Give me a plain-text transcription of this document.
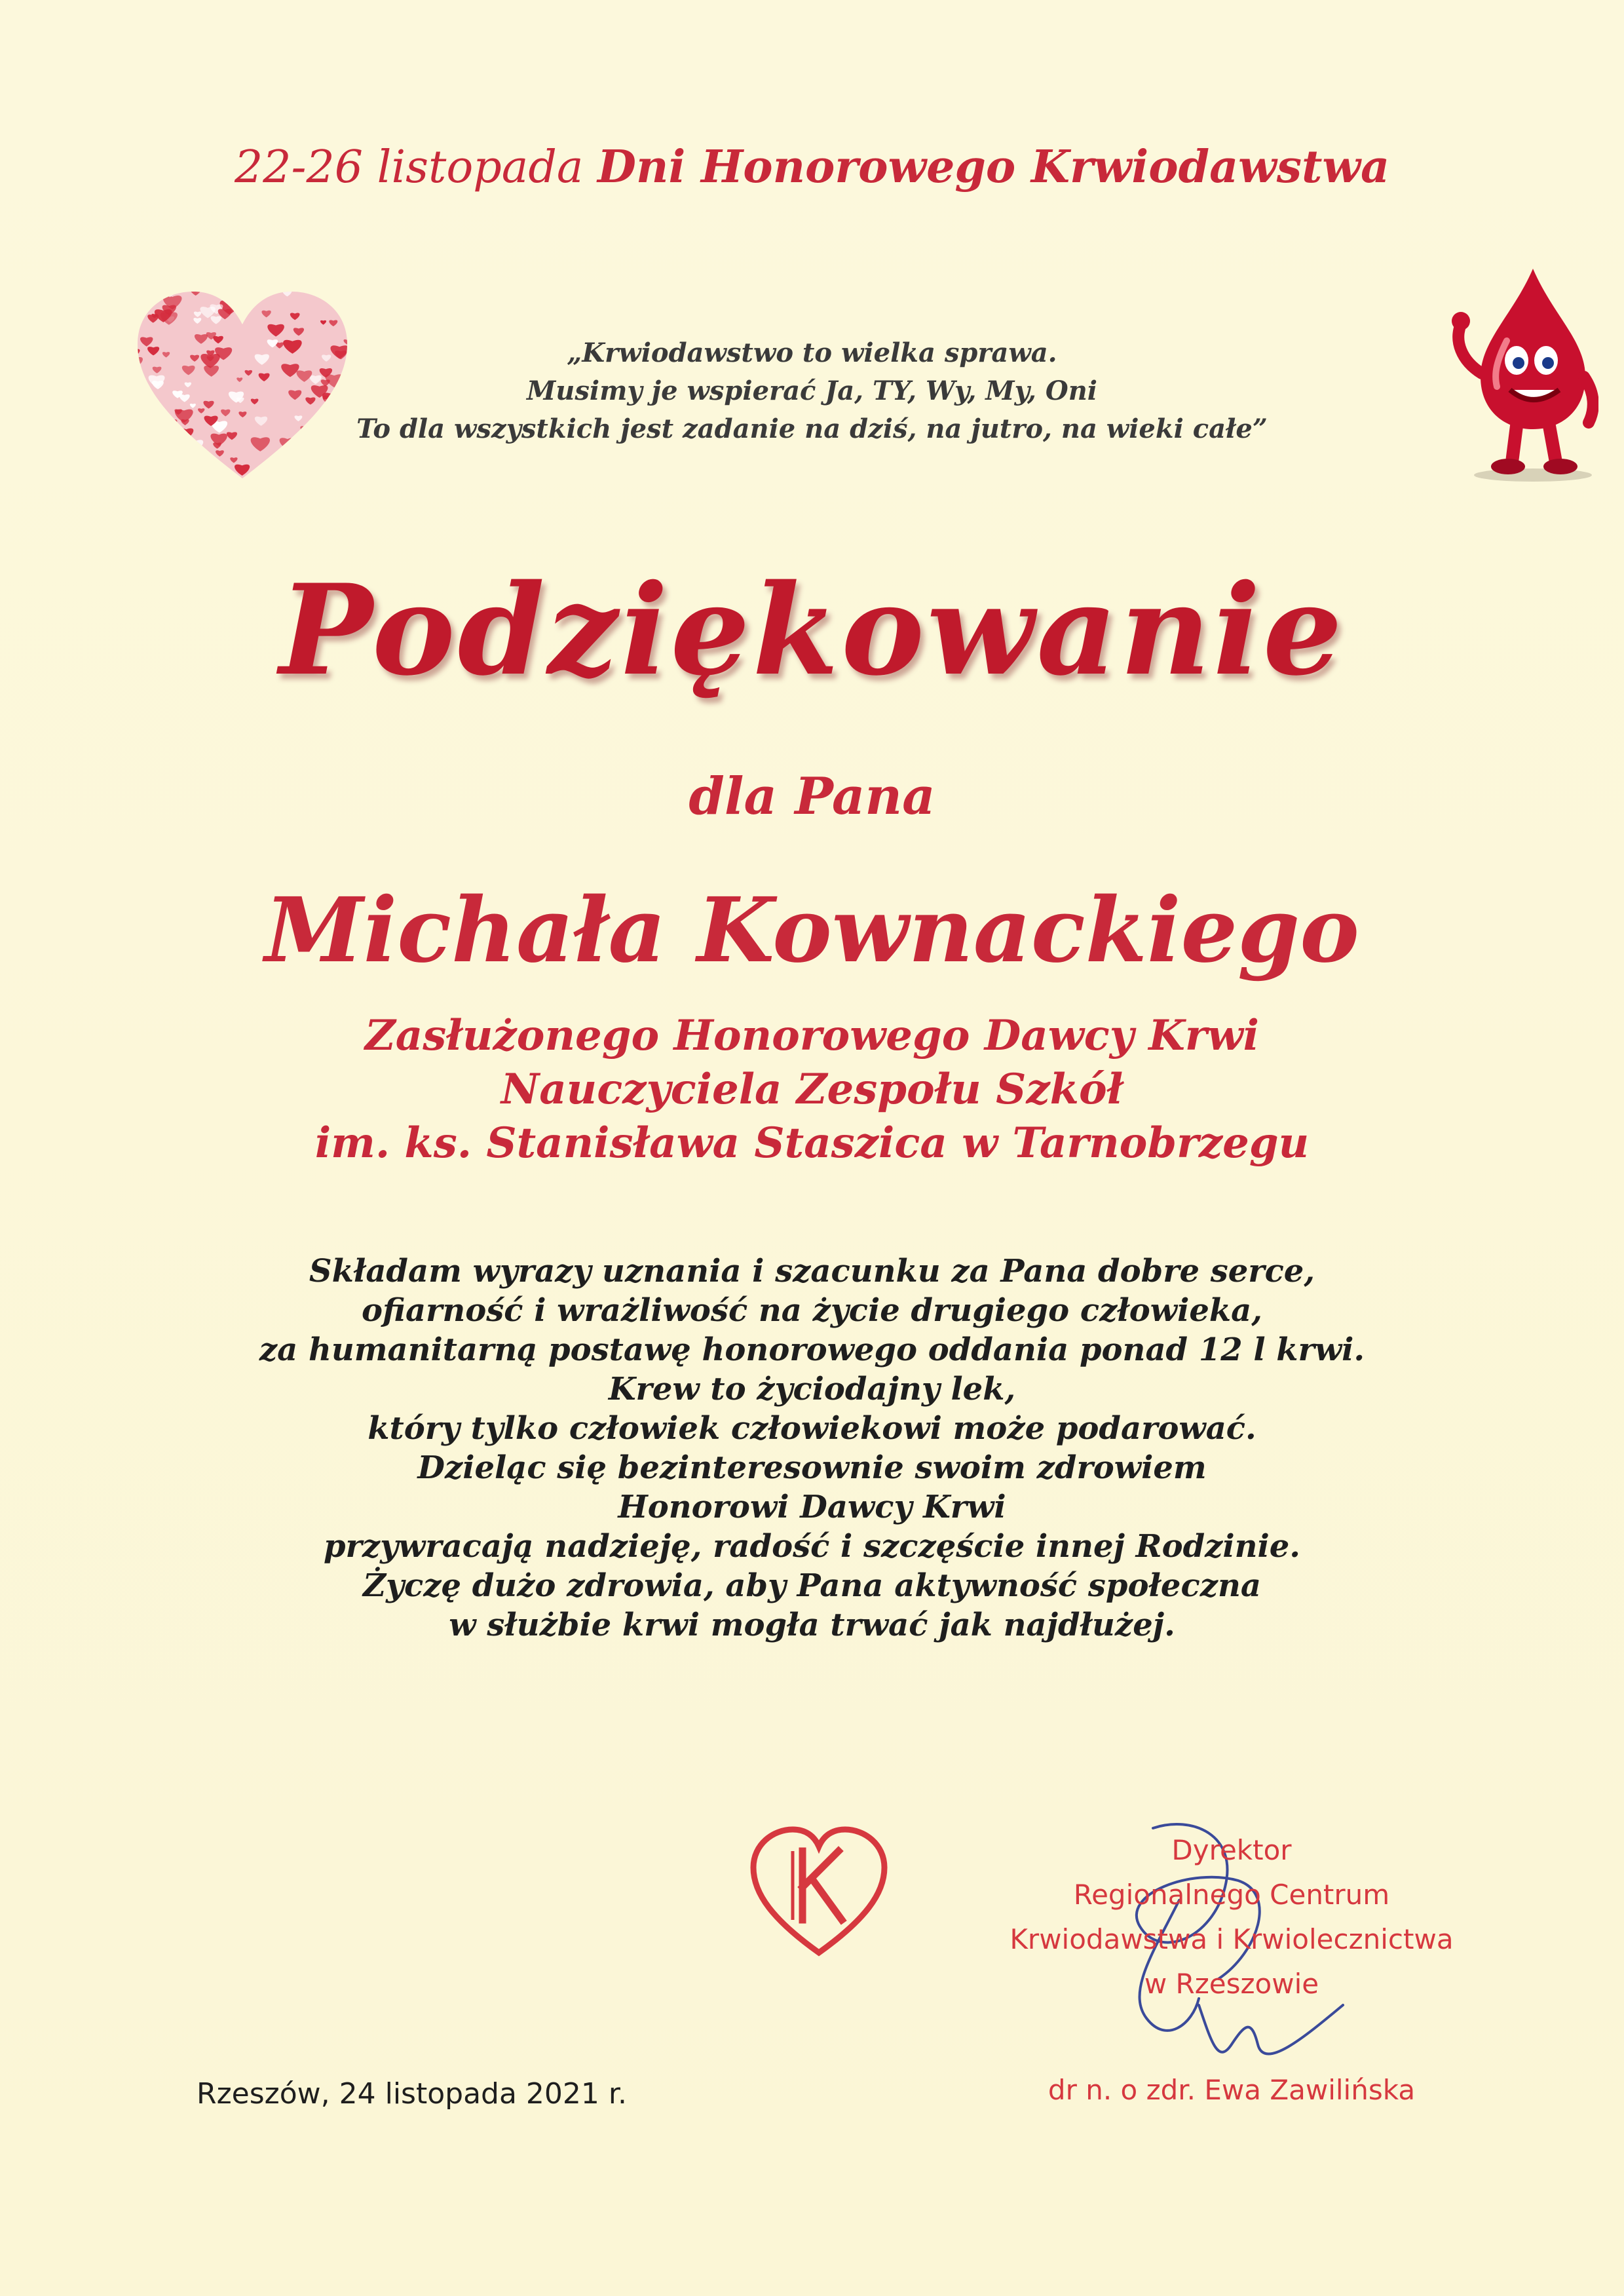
22-26 listopada Dni Honorowego Krwiodawstwa
„Krwiodawstwo to wielka sprawa.
Musimy je wspierać Ja, TY, Wy, My, Oni
To dla wszystkich jest zadanie na dziś, na jutro, na wieki całe”
Podziękowanie
dla Pana
Michała Kownackiego
Zasłużonego Honorowego Dawcy Krwi
Nauczyciela Zespołu Szkół
im. ks. Stanisława Staszica w Tarnobrzegu
Składam wyrazy uznania i szacunku za Pana dobre serce,
ofiarność i wrażliwość na życie drugiego człowieka,
za humanitarną postawę honorowego oddania ponad 12 l krwi.
Krew to życiodajny lek,
który tylko człowiek człowiekowi może podarować.
Dzieląc się bezinteresownie swoim zdrowiem
Honorowi Dawcy Krwi
przywracają nadzieję, radość i szczęście innej Rodzinie.
Życzę dużo zdrowia, aby Pana aktywność społeczna
w służbie krwi mogła trwać jak najdłużej.
Dyrektor
Regionalnego Centrum
Krwiodawstwa i Krwiolecznictwa
w Rzeszowie
dr n. o zdr. Ewa Zawilińska
Rzeszów, 24 listopada 2021 r.
